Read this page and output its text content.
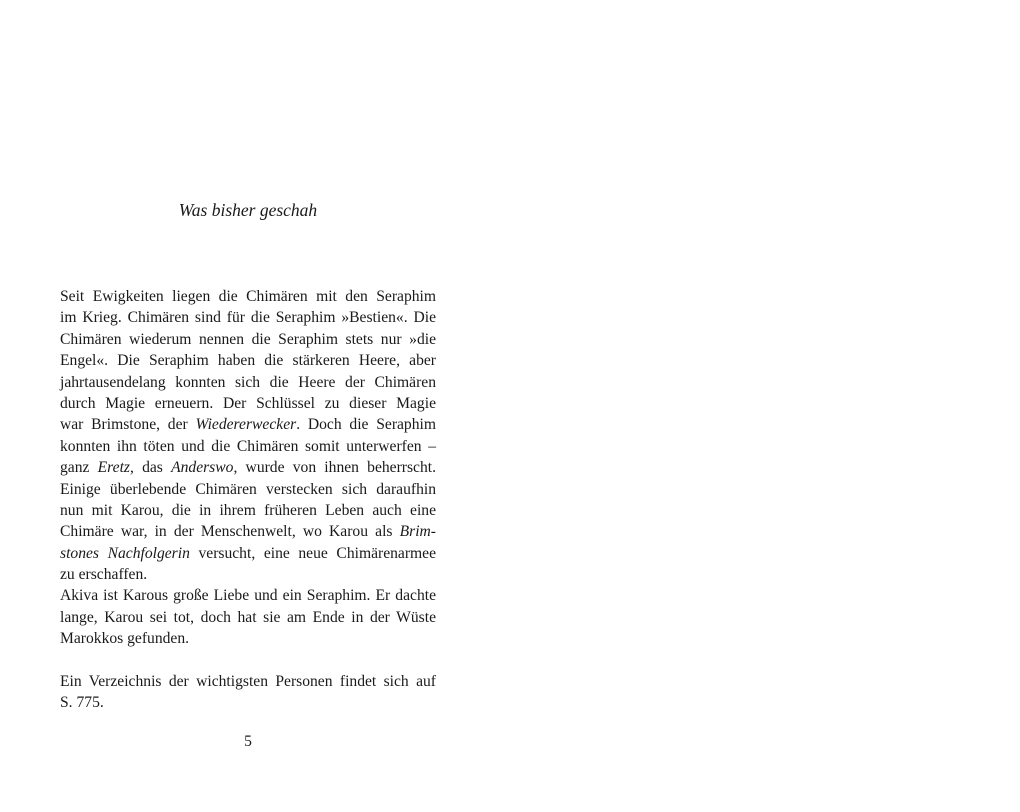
Was bisher geschah
Seit Ewigkeiten liegen die Chimären mit den Seraphim
im Krieg. Chimären sind für die Seraphim »Bestien«. Die
Chimären wiederum nennen die Seraphim stets nur »die
Engel«. Die Seraphim haben die stärkeren Heere, aber
jahrtausendelang konnten sich die Heere der Chimären
durch Magie erneuern. Der Schlüssel zu dieser Magie
war Brimstone, der Wiedererwecker. Doch die Seraphim
konnten ihn töten und die Chimären somit unterwerfen –
ganz Eretz, das Anderswo, wurde von ihnen beherrscht.
Einige überlebende Chimären verstecken sich daraufhin
nun mit Karou, die in ihrem früheren Leben auch eine
Chimäre war, in der Menschenwelt, wo Karou als Brim-
stones Nachfolgerin versucht, eine neue Chimärenarmee
zu erschaffen.
Akiva ist Karous große Liebe und ein Seraphim. Er dachte
lange, Karou sei tot, doch hat sie am Ende in der Wüste
Marokkos gefunden.
Ein Verzeichnis der wichtigsten Personen findet sich auf
S. 775.
5
